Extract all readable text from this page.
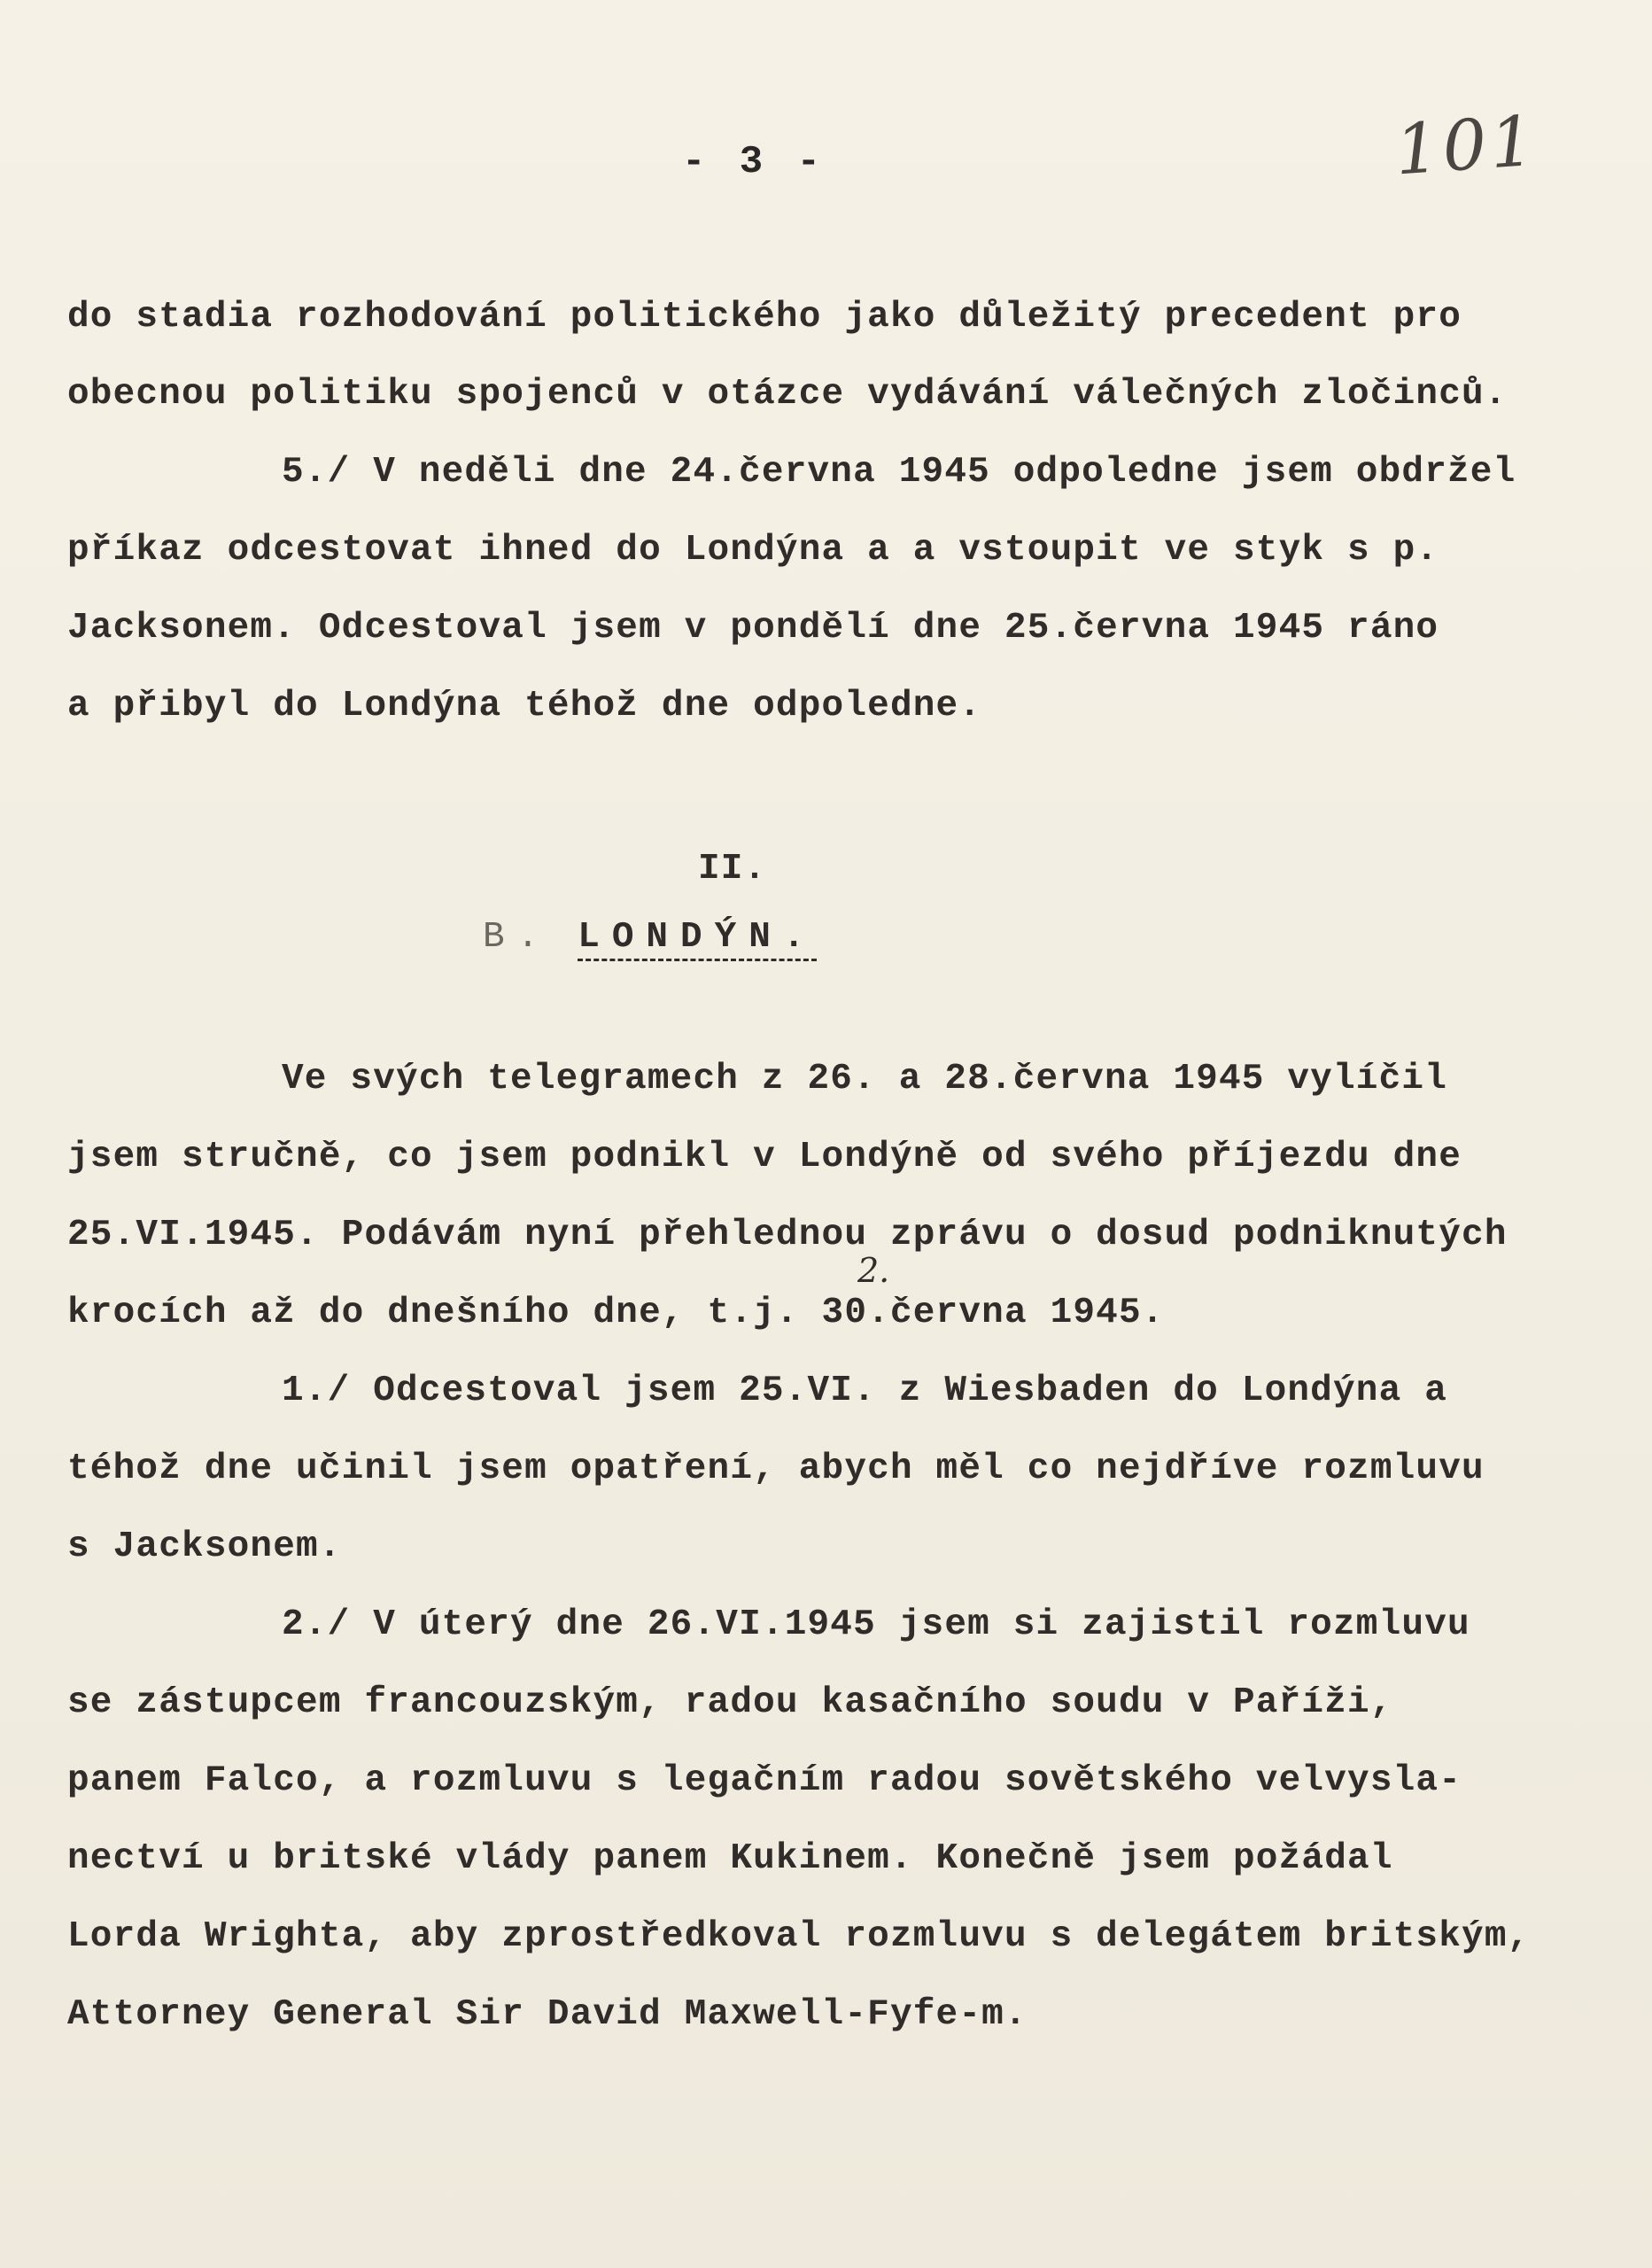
- 3 -	101
do stadia rozhodování politického jako důležitý precedent pro
obecnou politiku spojenců v otázce vydávání válečných zločinců.
5./ V neděli dne 24.června 1945 odpoledne jsem obdržel
příkaz odcestovat ihned do Londýna a a vstoupit ve styk s p.
Jacksonem. Odcestoval jsem v pondělí dne 25.června 1945 ráno
a přibyl do Londýna téhož dne odpoledne.
II.
B. LONDÝN.
Ve svých telegramech z 26. a 28.června 1945 vylíčil
jsem stručně, co jsem podnikl v Londýně od svého příjezdu dne
25.VI.1945. Podávám nyní přehlednou zprávu o dosud podniknutých
krocích až do dnešního dne, t.j. 30.června 1945.
2.
1./ Odcestoval jsem 25.VI. z Wiesbaden do Londýna a
téhož dne učinil jsem opatření, abych měl co nejdříve rozmluvu
s Jacksonem.
2./ V úterý dne 26.VI.1945 jsem si zajistil rozmluvu
se zástupcem francouzským, radou kasačního soudu v Paříži,
panem Falco, a rozmluvu s legačním radou sovětského velvysla-
nectví u britské vlády panem Kukinem. Konečně jsem požádal
Lorda Wrighta, aby zprostředkoval rozmluvu s delegátem britským,
Attorney General Sir David Maxwell-Fyfe-m.
